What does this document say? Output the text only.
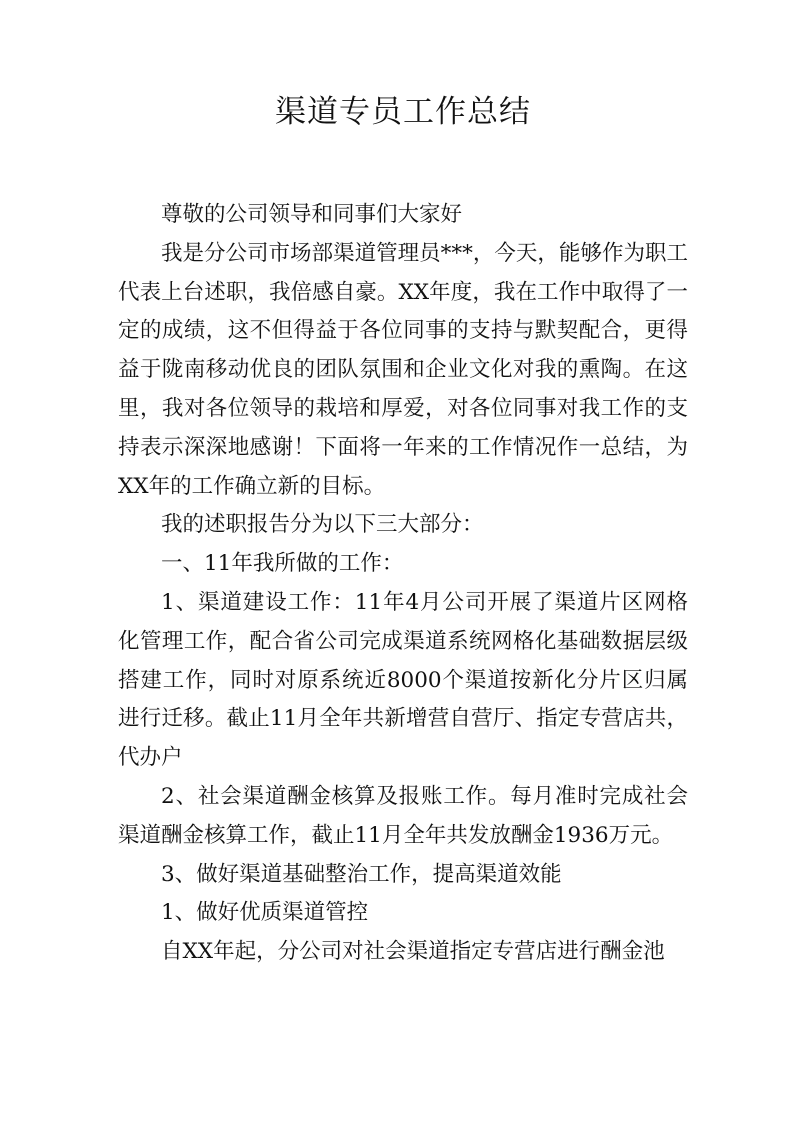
渠道专员工作总结

尊敬的公司领导和同事们大家好

我是分公司市场部渠道管理员***，今天，能够作为职工代表上台述职，我倍感自豪。XX年度，我在工作中取得了一定的成绩，这不但得益于各位同事的支持与默契配合，更得益于陇南移动优良的团队氛围和企业文化对我的熏陶。在这里，我对各位领导的栽培和厚爱，对各位同事对我工作的支持表示深深地感谢！下面将一年来的工作情况作一总结，为XX年的工作确立新的目标。

我的述职报告分为以下三大部分：

一、11年我所做的工作：

1、渠道建设工作：11年4月公司开展了渠道片区网格化管理工作，配合省公司完成渠道系统网格化基础数据层级搭建工作，同时对原系统近8000个渠道按新化分片区归属进行迁移。截止11月全年共新增营自营厅、指定专营店共，代办户

2、社会渠道酬金核算及报账工作。每月准时完成社会渠道酬金核算工作，截止11月全年共发放酬金1936万元。

3、做好渠道基础整治工作，提高渠道效能

1、做好优质渠道管控

自XX年起，分公司对社会渠道指定专营店进行酬金池
